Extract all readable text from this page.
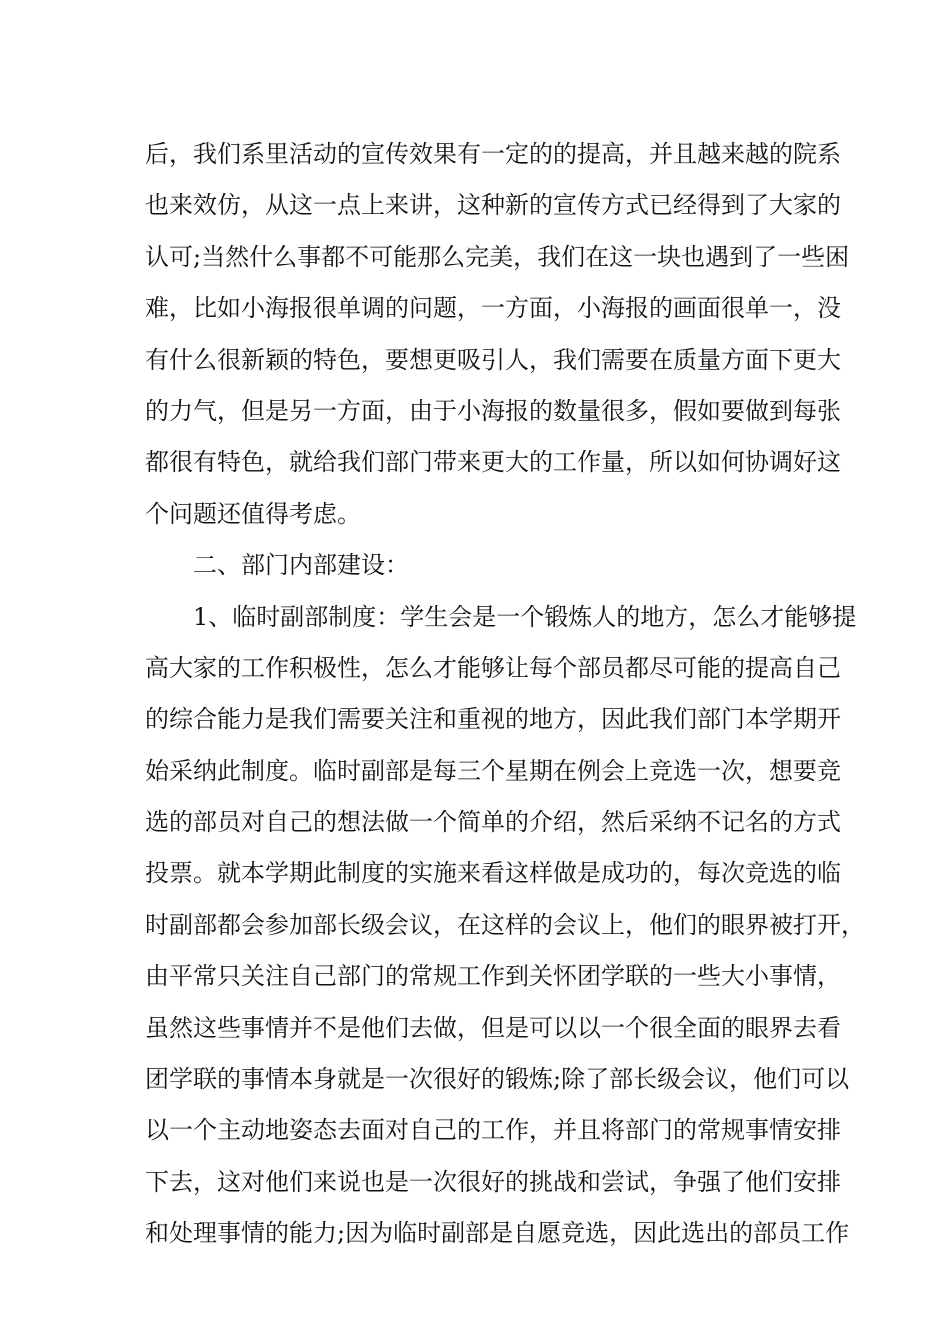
后，我们系里活动的宣传效果有一定的的提高，并且越来越的院系
也来效仿，从这一点上来讲，这种新的宣传方式已经得到了大家的
认可;当然什么事都不可能那么完美，我们在这一块也遇到了一些困
难，比如小海报很单调的问题，一方面，小海报的画面很单一，没
有什么很新颖的特色，要想更吸引人，我们需要在质量方面下更大
的力气，但是另一方面，由于小海报的数量很多，假如要做到每张
都很有特色，就给我们部门带来更大的工作量，所以如何协调好这
个问题还值得考虑。
二、部门内部建设：
1、临时副部制度：学生会是一个锻炼人的地方，怎么才能够提
高大家的工作积极性，怎么才能够让每个部员都尽可能的提高自己
的综合能力是我们需要关注和重视的地方，因此我们部门本学期开
始采纳此制度。临时副部是每三个星期在例会上竞选一次，想要竞
选的部员对自己的想法做一个简单的介绍，然后采纳不记名的方式
投票。就本学期此制度的实施来看这样做是成功的，每次竞选的临
时副部都会参加部长级会议，在这样的会议上，他们的眼界被打开，
由平常只关注自己部门的常规工作到关怀团学联的一些大小事情，
虽然这些事情并不是他们去做，但是可以以一个很全面的眼界去看
团学联的事情本身就是一次很好的锻炼;除了部长级会议，他们可以
以一个主动地姿态去面对自己的工作，并且将部门的常规事情安排
下去，这对他们来说也是一次很好的挑战和尝试，争强了他们安排
和处理事情的能力;因为临时副部是自愿竞选，因此选出的部员工作
